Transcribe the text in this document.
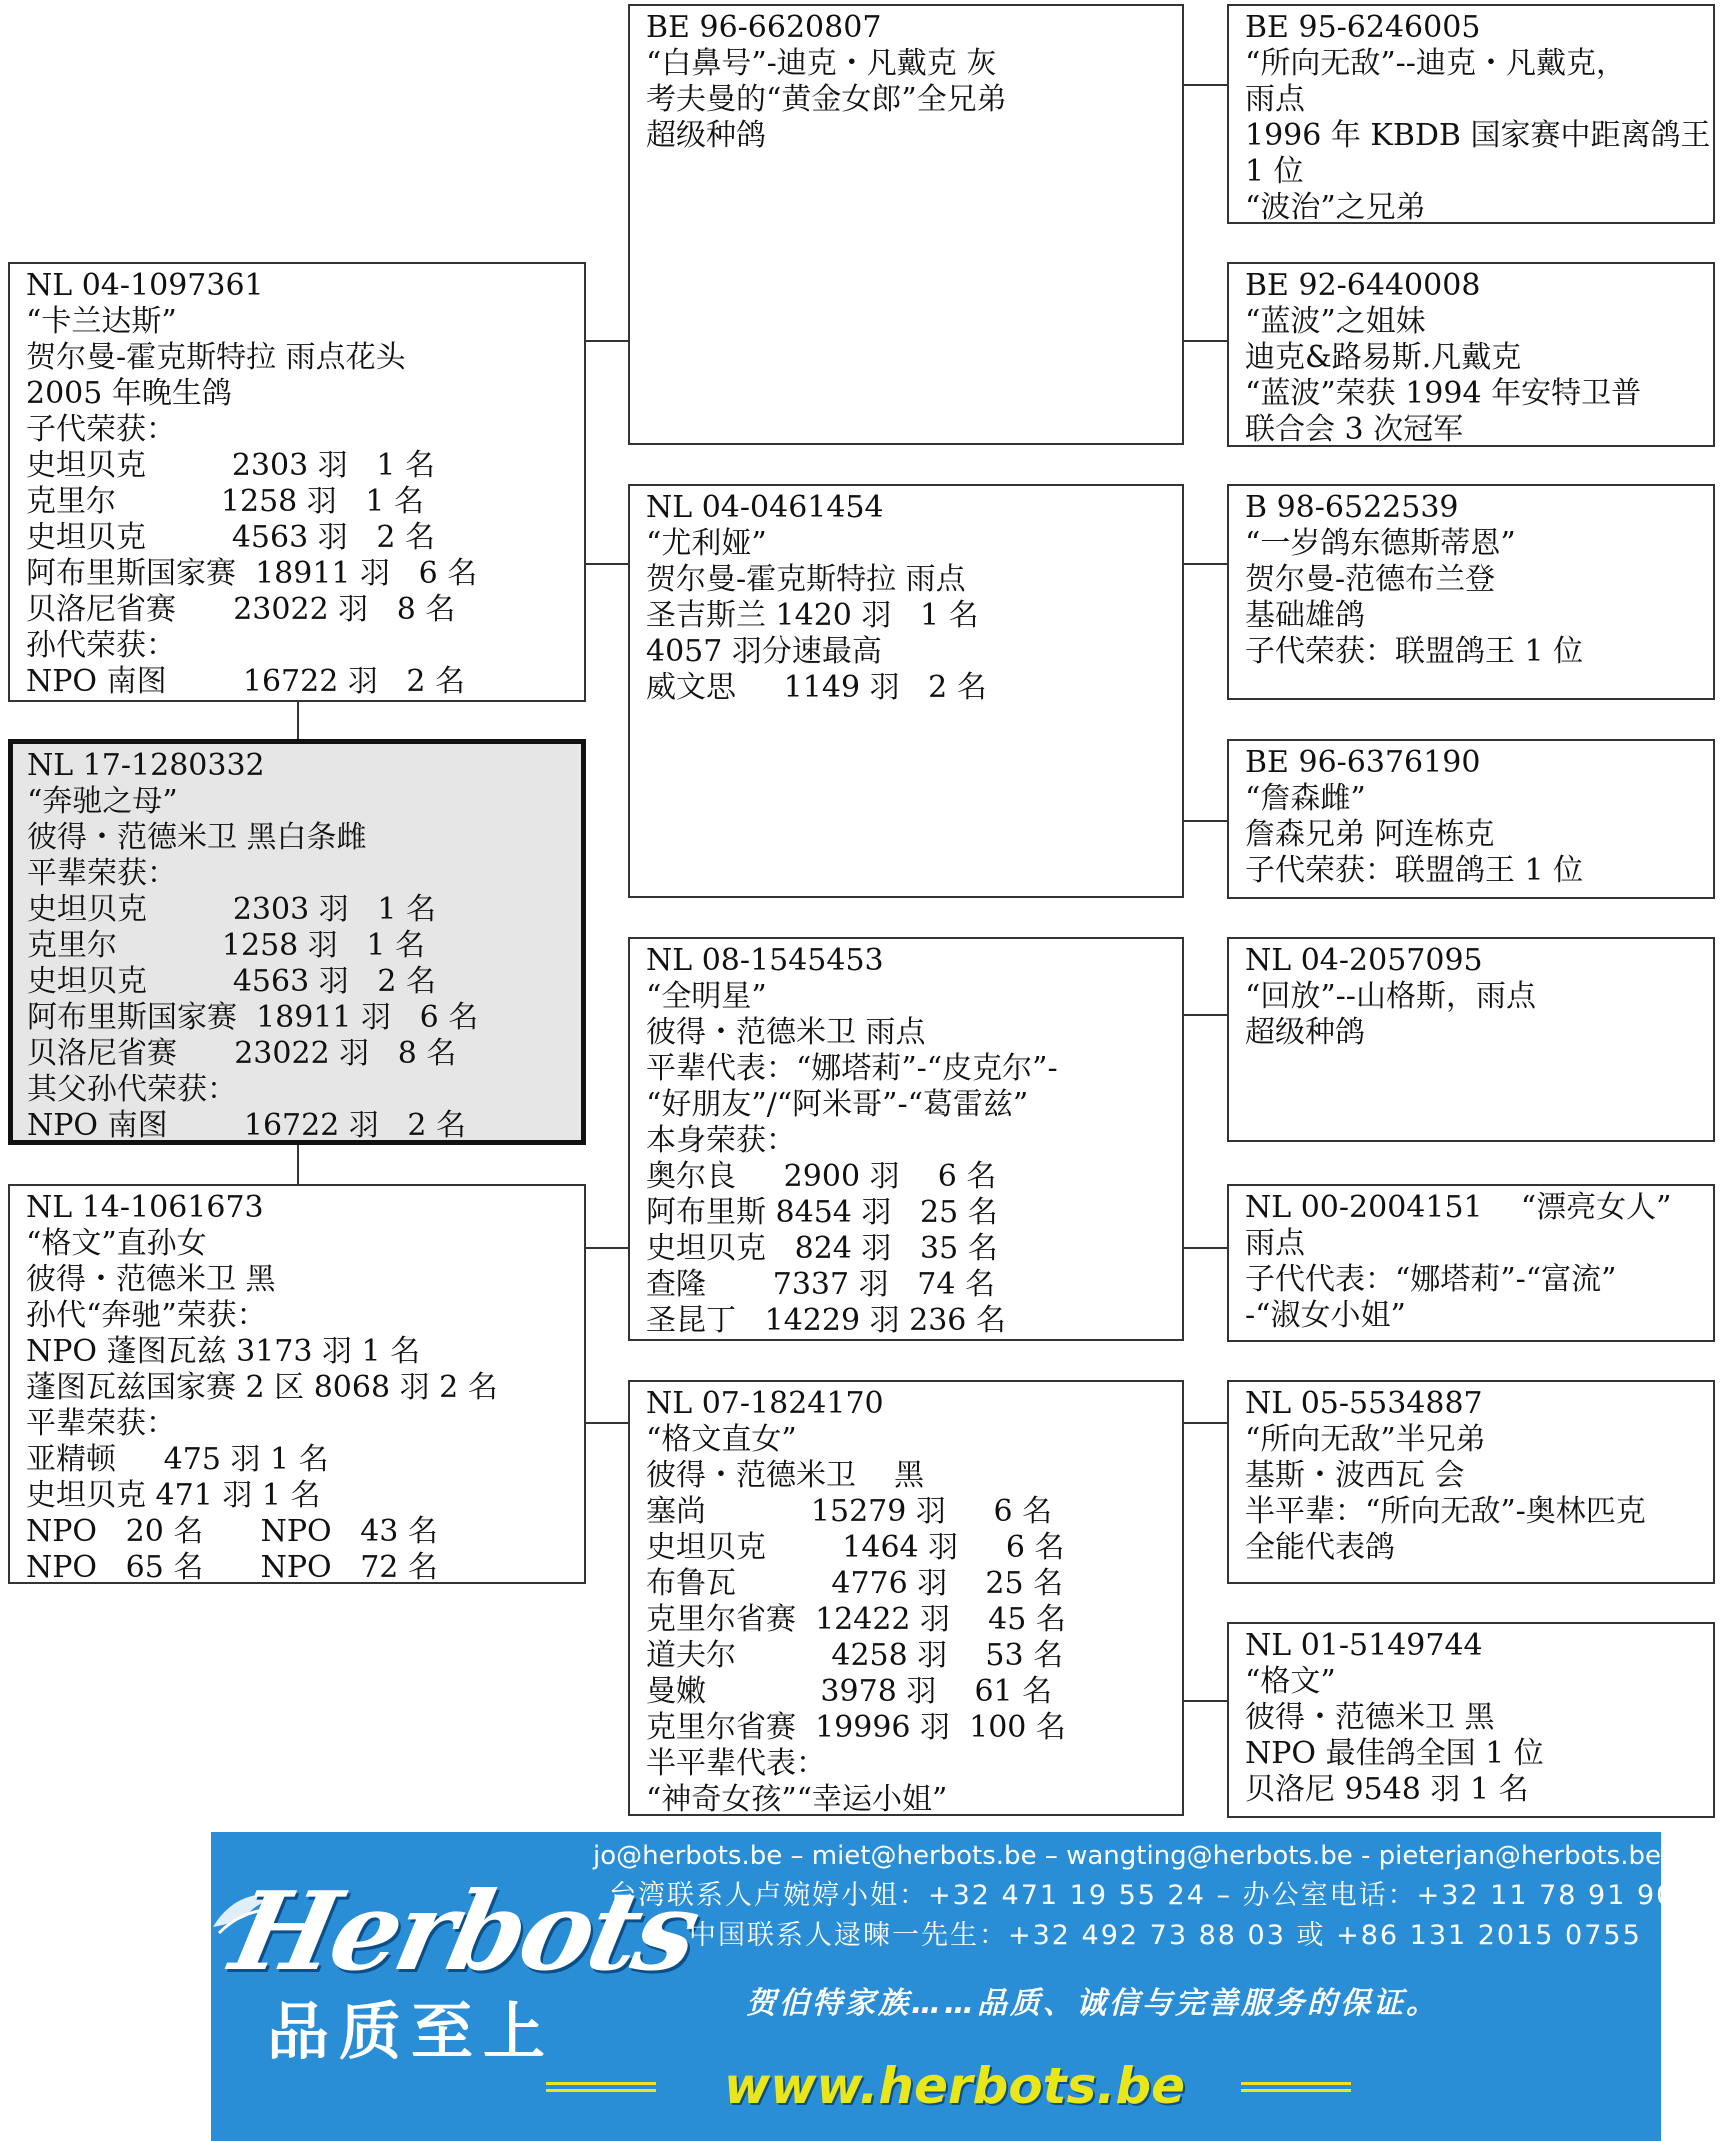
NL 04-1097361
“卡兰达斯”
贺尔曼-霍克斯特拉 雨点花头
2005 年晚生鸽
子代荣获：
史坦贝克         2303 羽   1 名
克里尔           1258 羽   1 名
史坦贝克         4563 羽   2 名
阿布里斯国家赛  18911 羽   6 名
贝洛尼省赛      23022 羽   8 名
孙代荣获：
NPO 南图        16722 羽   2 名
NL 17-1280332
“奔驰之母”
彼得・范德米卫 黑白条雌
平辈荣获：
史坦贝克         2303 羽   1 名
克里尔           1258 羽   1 名
史坦贝克         4563 羽   2 名
阿布里斯国家赛  18911 羽   6 名
贝洛尼省赛      23022 羽   8 名
其父孙代荣获：
NPO 南图        16722 羽   2 名
NL 14-1061673
“格文”直孙女
彼得・范德米卫 黑
孙代“奔驰”荣获：
NPO 蓬图瓦兹 3173 羽 1 名
蓬图瓦兹国家赛 2 区 8068 羽 2 名
平辈荣获：
亚精顿     475 羽 1 名
史坦贝克 471 羽 1 名
NPO   20 名      NPO   43 名
NPO   65 名      NPO   72 名
BE 96-6620807
“白鼻号”-迪克・凡戴克 灰
考夫曼的“黄金女郎”全兄弟
超级种鸽
NL 04-0461454
“尤利娅”
贺尔曼-霍克斯特拉 雨点
圣吉斯兰 1420 羽   1 名
4057 羽分速最高
威文思     1149 羽   2 名
NL 08-1545453
“全明星”
彼得・范德米卫 雨点
平辈代表：“娜塔莉”-“皮克尔”-
“好朋友”/“阿米哥”-“葛雷兹”
本身荣获：
奥尔良     2900 羽    6 名
阿布里斯 8454 羽   25 名
史坦贝克   824 羽   35 名
查隆       7337 羽   74 名
圣昆丁   14229 羽 236 名
NL 07-1824170
“格文直女”
彼得・范德米卫    黑
塞尚           15279 羽     6 名
史坦贝克        1464 羽     6 名
布鲁瓦          4776 羽    25 名
克里尔省赛  12422 羽    45 名
道夫尔          4258 羽    53 名
曼嫩            3978 羽    61 名
克里尔省赛  19996 羽  100 名
半平辈代表：
“神奇女孩”“幸运小姐”
BE 95-6246005
“所向无敌”--迪克・凡戴克，
雨点
1996 年 KBDB 国家赛中距离鸽王
1 位
“波治”之兄弟
BE 92-6440008
“蓝波”之姐妹
迪克&路易斯.凡戴克
“蓝波”荣获 1994 年安特卫普
联合会 3 次冠军
B 98-6522539
“一岁鸽东德斯蒂恩”
贺尔曼-范德布兰登
基础雄鸽
子代荣获：联盟鸽王 1 位
BE 96-6376190
“詹森雌”
詹森兄弟 阿连栋克
子代荣获：联盟鸽王 1 位
NL 04-2057095
“回放”--山格斯，雨点
超级种鸽
NL 00-2004151    “漂亮女人”
雨点
子代代表：“娜塔莉”-“富流”
-“淑女小姐”
NL 05-5534887
“所向无敌”半兄弟
基斯・波西瓦 会
半平辈：“所向无敌”-奥林匹克
全能代表鸽
NL 01-5149744
“格文”
彼得・范德米卫 黑
NPO 最佳鸽全国 1 位
贝洛尼 9548 羽 1 名
Herbots
品质至上
jo@herbots.be – miet@herbots.be – wangting@herbots.be - pieterjan@herbots.be
台湾联系人卢婉婷小姐：+32 471 19 55 24 – 办公室电话：+32 11 78 91 90
中国联系人逯暕一先生：+32 492 73 88 03 或 +86 131 2015 0755
贺伯特家族……品质、诚信与完善服务的保证。
www.herbots.be
